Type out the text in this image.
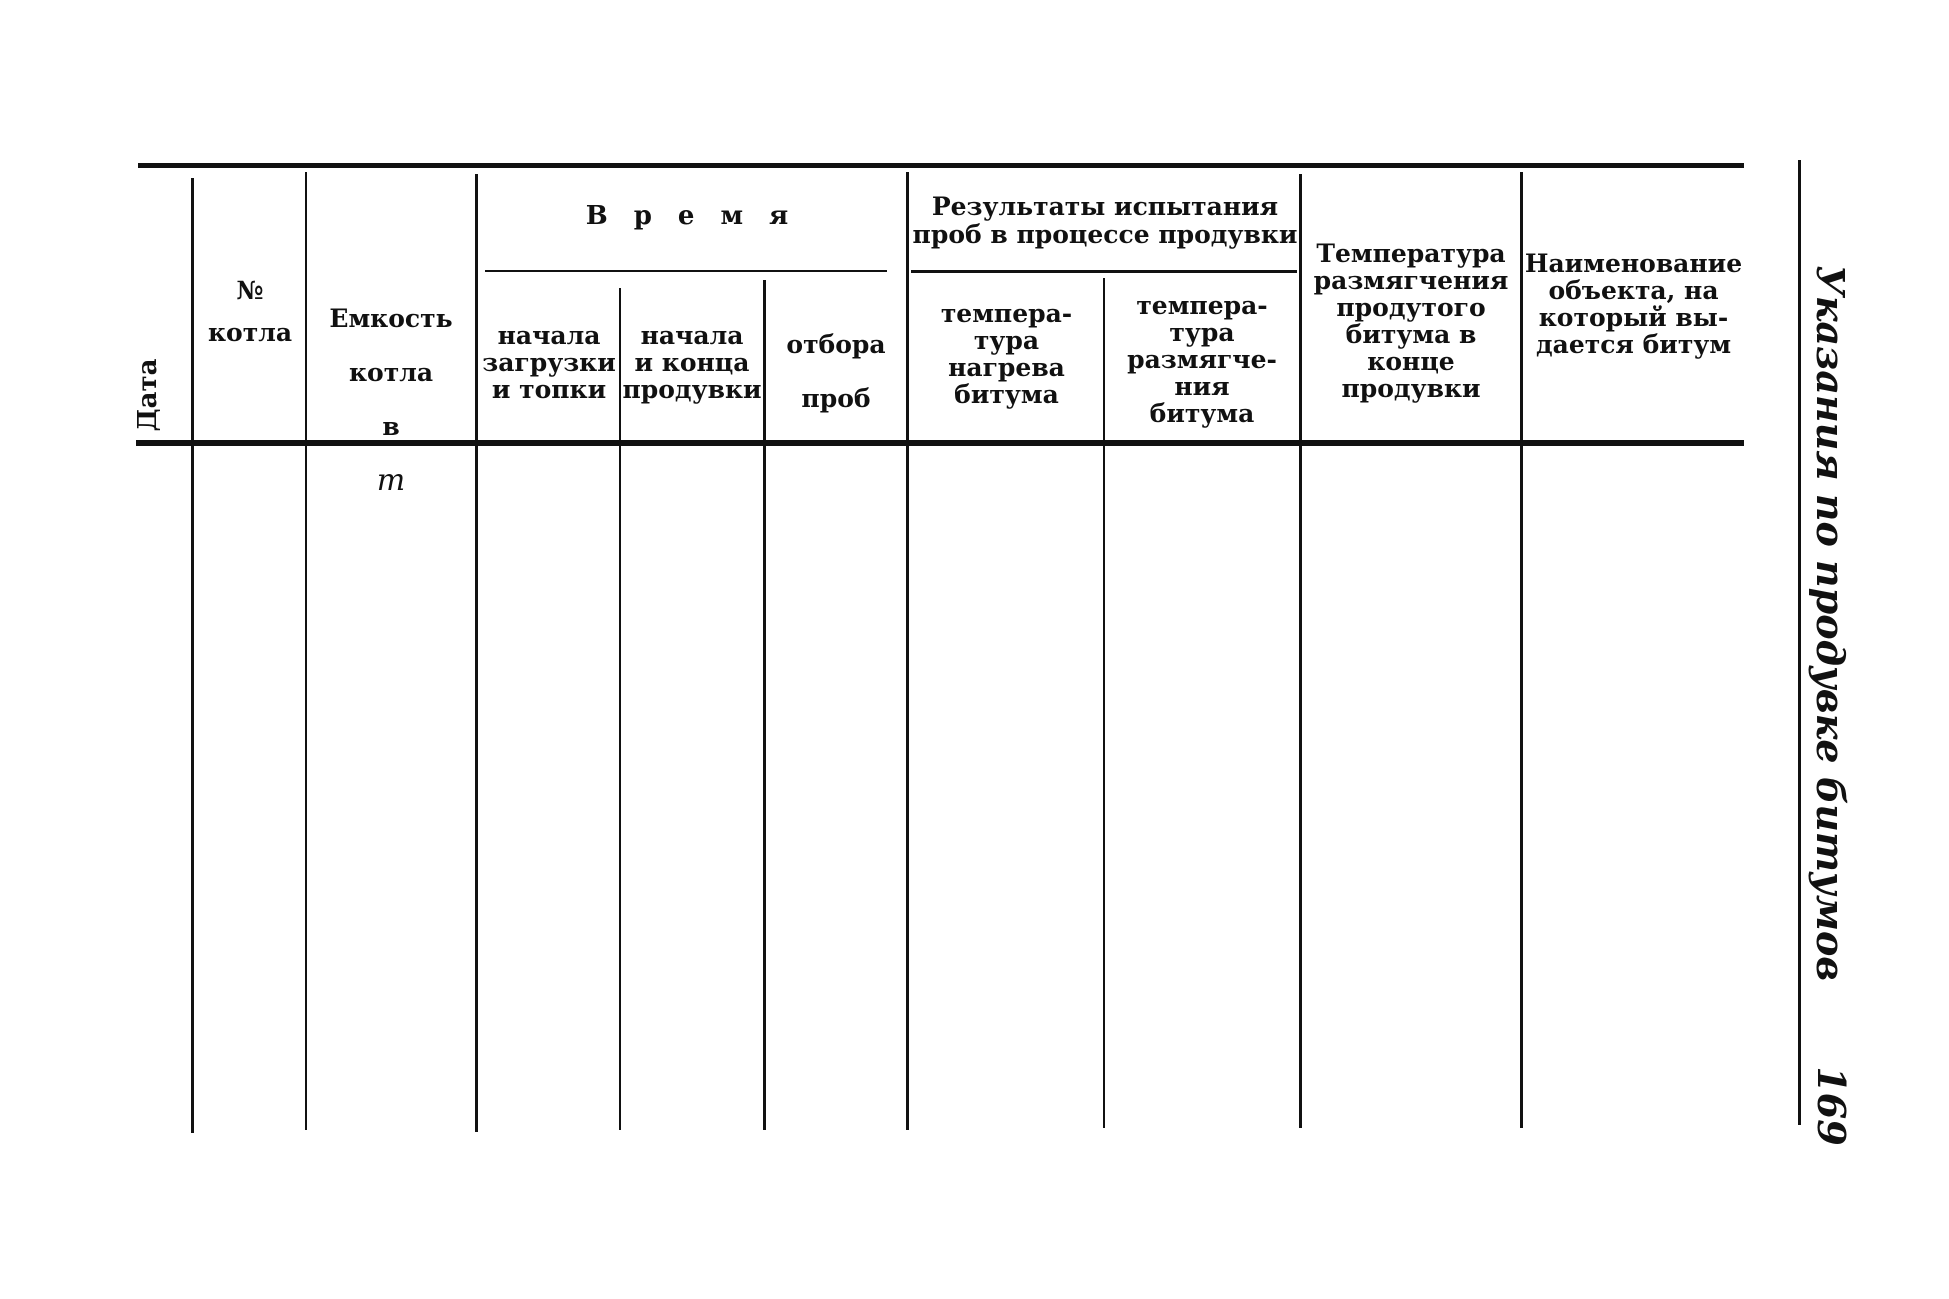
Дата
№
котла	Емкость
котла
в
т

Время
начала
загрузки
и топки
начала
и конца
продувки
отбора
проб
Результаты испытания
проб в процессе продувки
темпера-
тура
нагрева
битума
темпера-
тура
размягче-
ния
битума
Температура
размягчения
продутого
битума в конце
продувки
Наименование
объекта, на
который вы-
дается битум	Указания по продувке битумов
169
